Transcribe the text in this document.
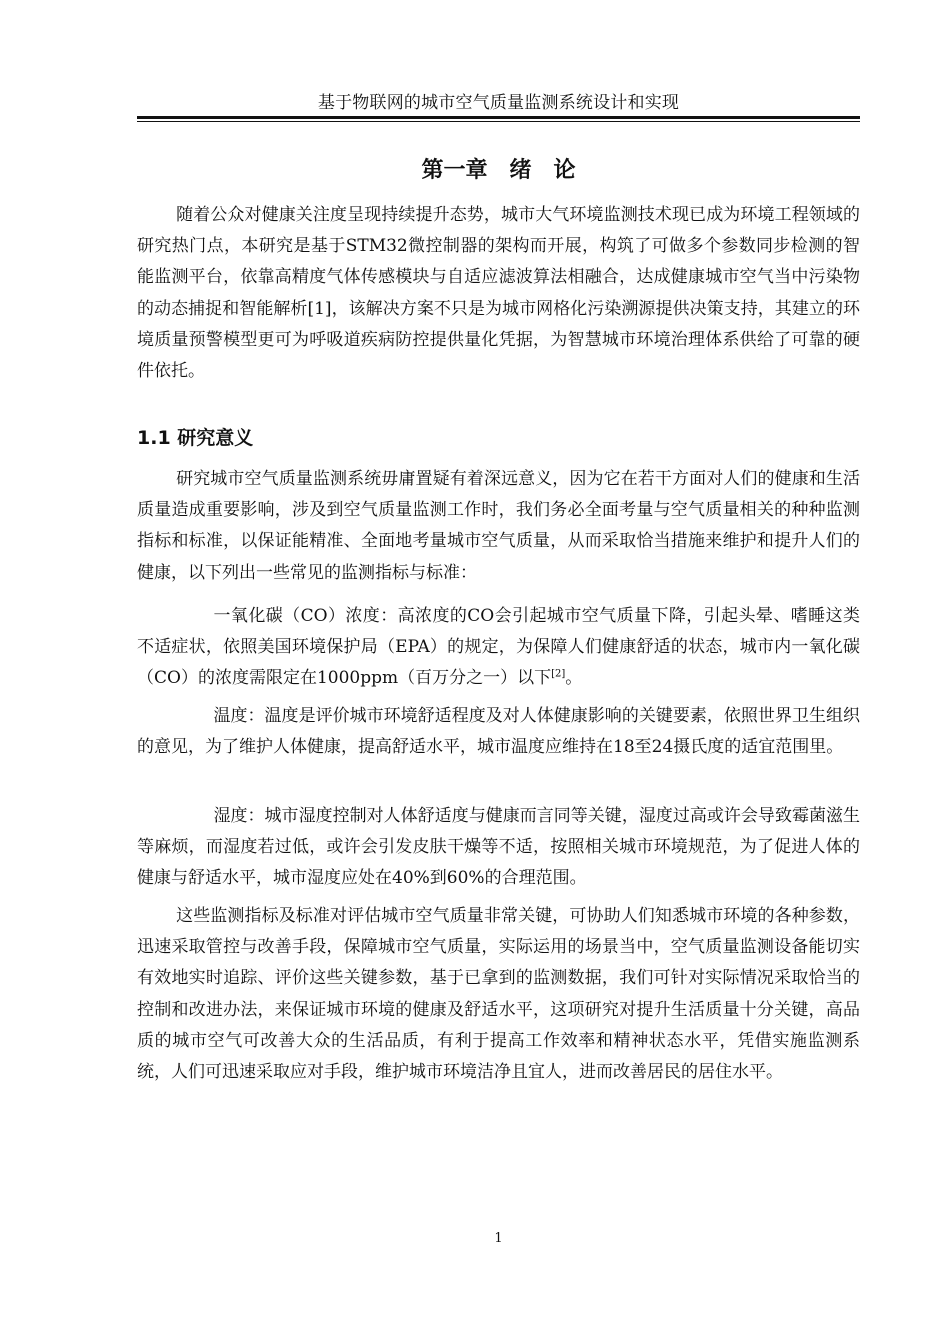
基于物联网的城市空气质量监测系统设计和实现
第一章　绪　论

随着公众对健康关注度呈现持续提升态势，城市大气环境监测技术现已成为环境工程领域的研究热门点，本研究是基于STM32微控制器的架构而开展，构筑了可做多个参数同步检测的智能监测平台，依靠高精度气体传感模块与自适应滤波算法相融合，达成健康城市空气当中污染物的动态捕捉和智能解析[1]，该解决方案不只是为城市网格化污染溯源提供决策支持，其建立的环境质量预警模型更可为呼吸道疾病防控提供量化凭据，为智慧城市环境治理体系供给了可靠的硬件依托。

1.1 研究意义

研究城市空气质量监测系统毋庸置疑有着深远意义，因为它在若干方面对人们的健康和生活质量造成重要影响，涉及到空气质量监测工作时，我们务必全面考量与空气质量相关的种种监测指标和标准，以保证能精准、全面地考量城市空气质量，从而采取恰当措施来维护和提升人们的健康，以下列出一些常见的监测指标与标准：

一氧化碳（CO）浓度：高浓度的CO会引起城市空气质量下降，引起头晕、嗜睡这类不适症状，依照美国环境保护局（EPA）的规定，为保障人们健康舒适的状态，城市内一氧化碳（CO）的浓度需限定在1000ppm（百万分之一）以下[2]。

温度：温度是评价城市环境舒适程度及对人体健康影响的关键要素，依照世界卫生组织的意见，为了维护人体健康，提高舒适水平，城市温度应维持在18至24摄氏度的适宜范围里。

湿度：城市湿度控制对人体舒适度与健康而言同等关键，湿度过高或许会导致霉菌滋生等麻烦，而湿度若过低，或许会引发皮肤干燥等不适，按照相关城市环境规范，为了促进人体的健康与舒适水平，城市湿度应处在40%到60%的合理范围。

这些监测指标及标准对评估城市空气质量非常关键，可协助人们知悉城市环境的各种参数，迅速采取管控与改善手段，保障城市空气质量，实际运用的场景当中，空气质量监测设备能切实有效地实时追踪、评价这些关键参数，基于已拿到的监测数据，我们可针对实际情况采取恰当的控制和改进办法，来保证城市环境的健康及舒适水平，这项研究对提升生活质量十分关键，高品质的城市空气可改善大众的生活品质，有利于提高工作效率和精神状态水平，凭借实施监测系统，人们可迅速采取应对手段，维护城市环境洁净且宜人，进而改善居民的居住水平。

1
